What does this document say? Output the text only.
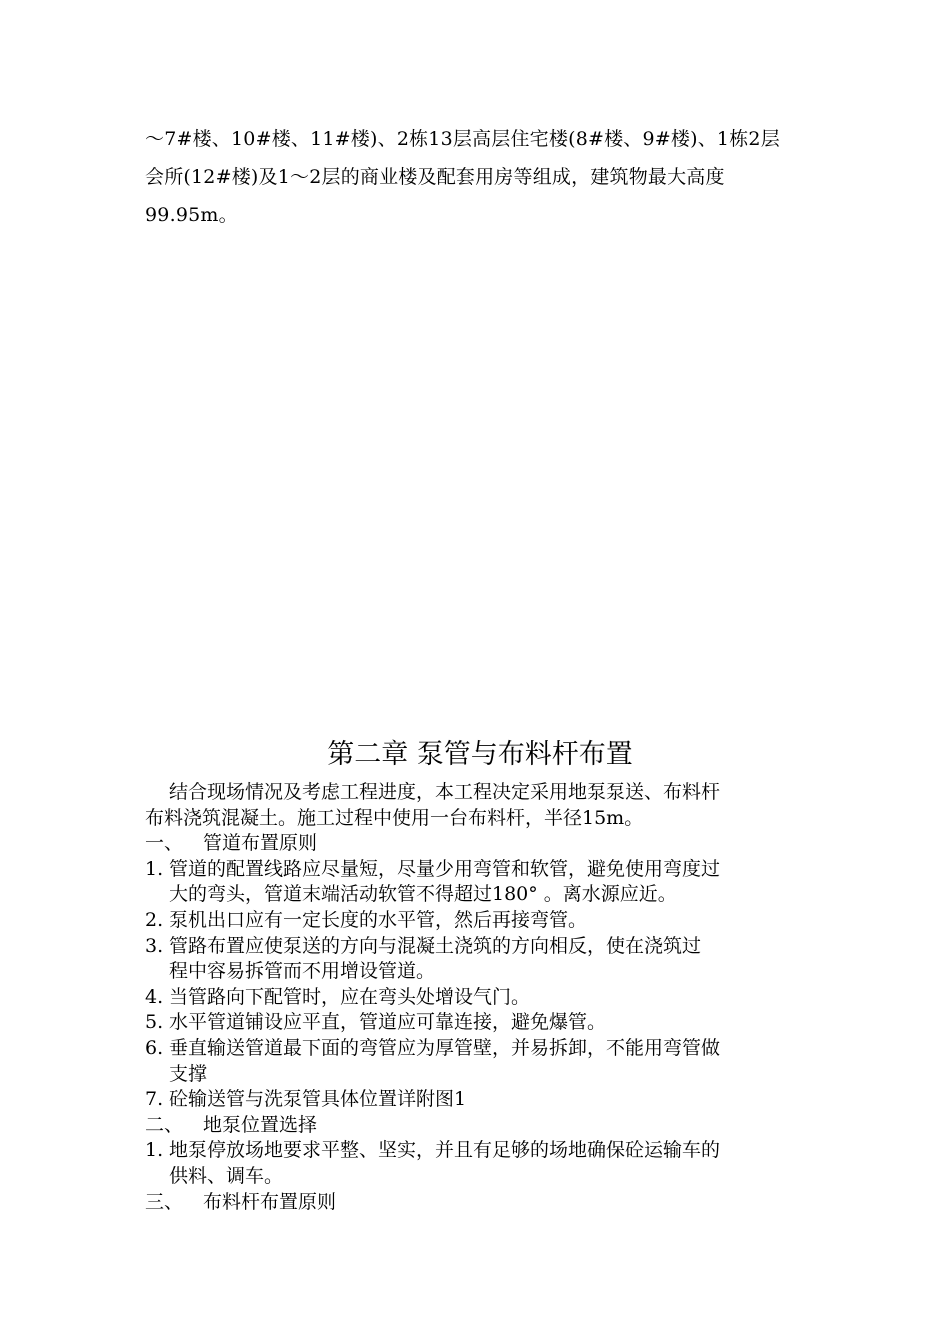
～7#楼、10#楼、11#楼)、2栋13层高层住宅楼(8#楼、9#楼)、1栋2层
会所(12#楼)及1～2层的商业楼及配套用房等组成，建筑物最大高度
99.95m。
第二章 泵管与布料杆布置
结合现场情况及考虑工程进度，本工程决定采用地泵泵送、布料杆
布料浇筑混凝土。施工过程中使用一台布料杆，半径15m。
一、 管道布置原则
1. 管道的配置线路应尽量短，尽量少用弯管和软管，避免使用弯度过
大的弯头，管道末端活动软管不得超过180° 。离水源应近。
2. 泵机出口应有一定长度的水平管，然后再接弯管。
3. 管路布置应使泵送的方向与混凝土浇筑的方向相反，使在浇筑过
程中容易拆管而不用增设管道。
4. 当管路向下配管时，应在弯头处增设气门。
5. 水平管道铺设应平直，管道应可靠连接，避免爆管。
6. 垂直输送管道最下面的弯管应为厚管壁，并易拆卸，不能用弯管做
支撑
7. 砼输送管与洗泵管具体位置详附图1
二、 地泵位置选择
1. 地泵停放场地要求平整、坚实，并且有足够的场地确保砼运输车的
供料、调车。
三、 布料杆布置原则
